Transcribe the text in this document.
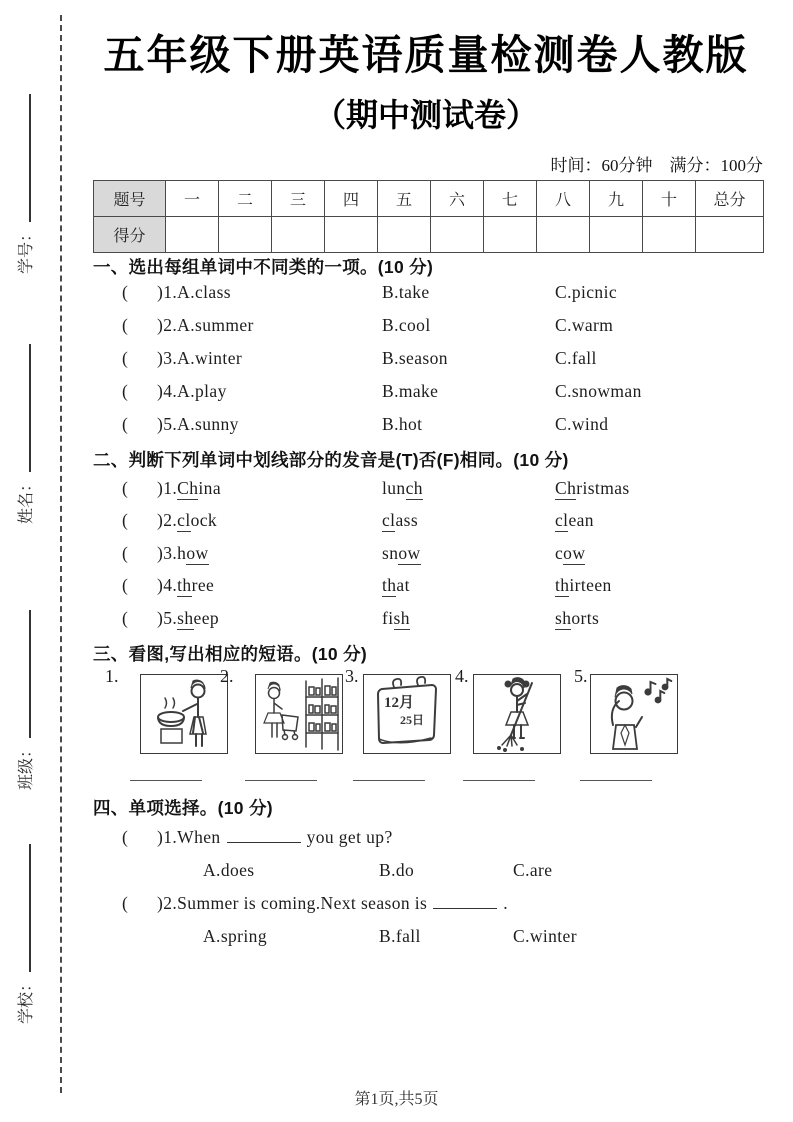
学号：
姓名：
班级：
学校：
五年级下册英语质量检测卷人教版
（期中测试卷）
时间：60分钟　满分：100分
题号	一	二	三	四	五	六	七	八	九	十	总分
得分											
一、选出每组单词中不同类的一项。(10 分)
( )1.A.class	B.take	C.picnic
( )2.A.summer	B.cool	C.warm
( )3.A.winter	B.season	C.fall
( )4.A.play	B.make	C.snowman
( )5.A.sunny	B.hot	C.wind
二、判断下列单词中划线部分的发音是(T)否(F)相同。(10 分)
( )1.China	lunch	Christmas
( )2.clock	class	clean
( )3.how	snow	cow
( )4.three	that	thirteen
( )5.sheep	fish	shorts
三、看图,写出相应的短语。(10 分)
1.	2.	3.
12月
25日
4.	5.
四、单项选择。(10 分)
( )1.When	you get up?
A.does	B.do	C.are
( )2.Summer is coming.Next season is	.
A.spring	B.fall	C.winter
第1页,共5页
